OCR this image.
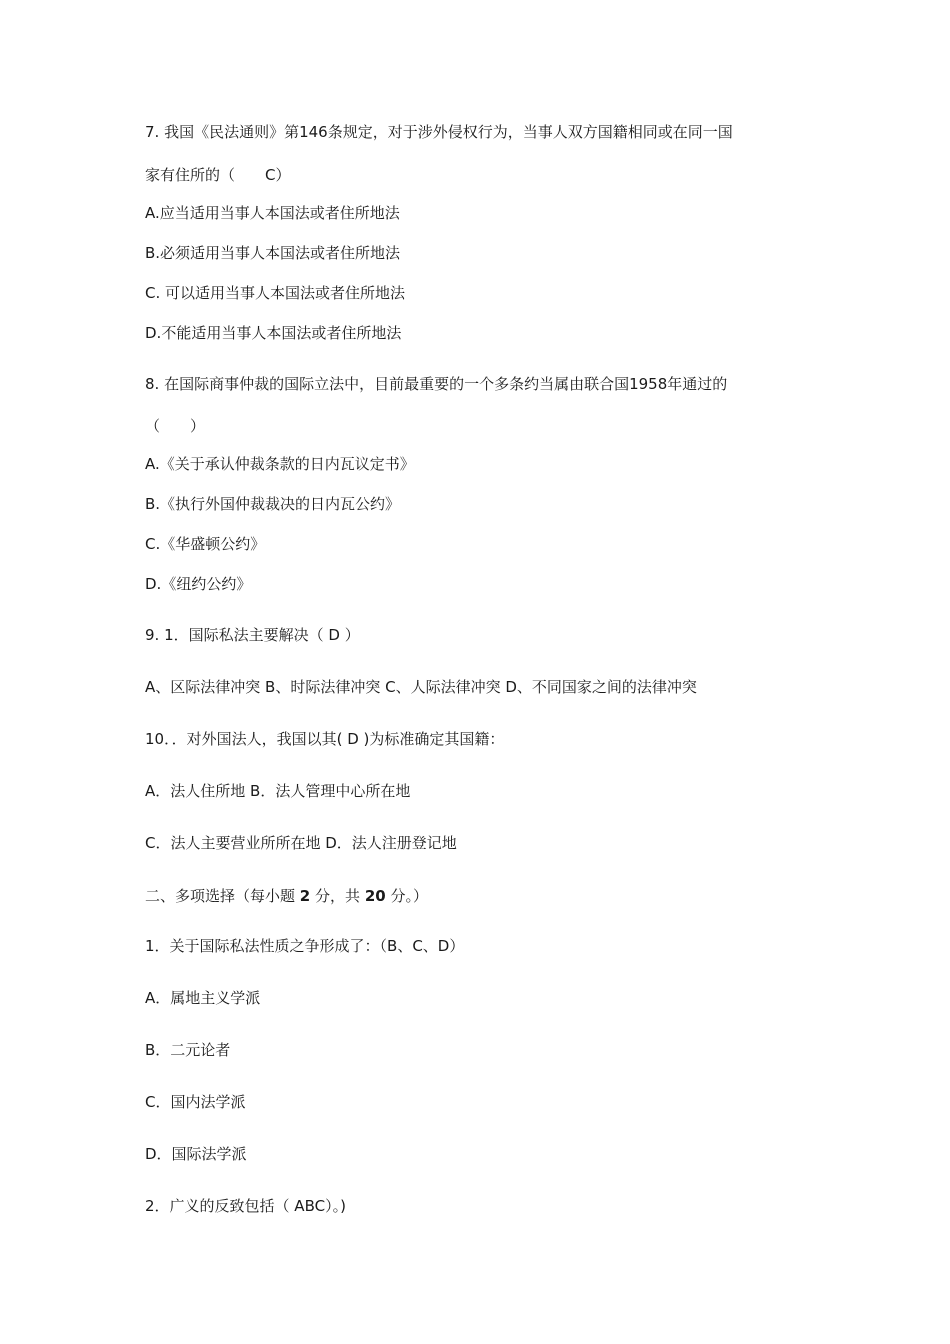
7. 我国《民法通则》第146条规定，对于涉外侵权行为，当事人双方国籍相同或在同一国
家有住所的（　　C）
A.应当适用当事人本国法或者住所地法
B.必须适用当事人本国法或者住所地法
C. 可以适用当事人本国法或者住所地法
D.不能适用当事人本国法或者住所地法
8. 在国际商事仲裁的国际立法中，目前最重要的一个多条约当属由联合国1958年通过的
（　　）
A.《关于承认仲裁条款的日内瓦议定书》
B.《执行外国仲裁裁决的日内瓦公约》
C.《华盛顿公约》
D.《纽约公约》
9. 1．国际私法主要解决（ D ）
A、区际法律冲突 B、时际法律冲突 C、人际法律冲突 D、不同国家之间的法律冲突
10．．对外国法人，我国以其( D )为标准确定其国籍：
A．法人住所地 B．法人管理中心所在地
C．法人主要营业所所在地 D．法人注册登记地
二、多项选择（每小题 2 分，共 20 分。）
1．关于国际私法性质之争形成了：（B、C、D）
A．属地主义学派
B．二元论者
C．国内法学派
D．国际法学派
2．广义的反致包括（ ABC）。)
